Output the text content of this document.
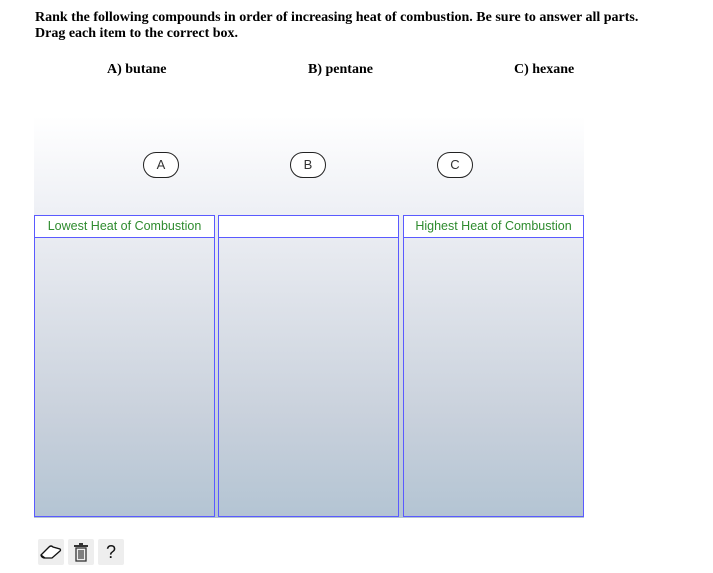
Rank the following compounds in order of increasing heat of combustion. Be sure to answer all parts.
Drag each item to the correct box.
A) butane	B) pentane	C) hexane
A	B	C
Lowest Heat of Combustion	Highest Heat of Combustion
?
